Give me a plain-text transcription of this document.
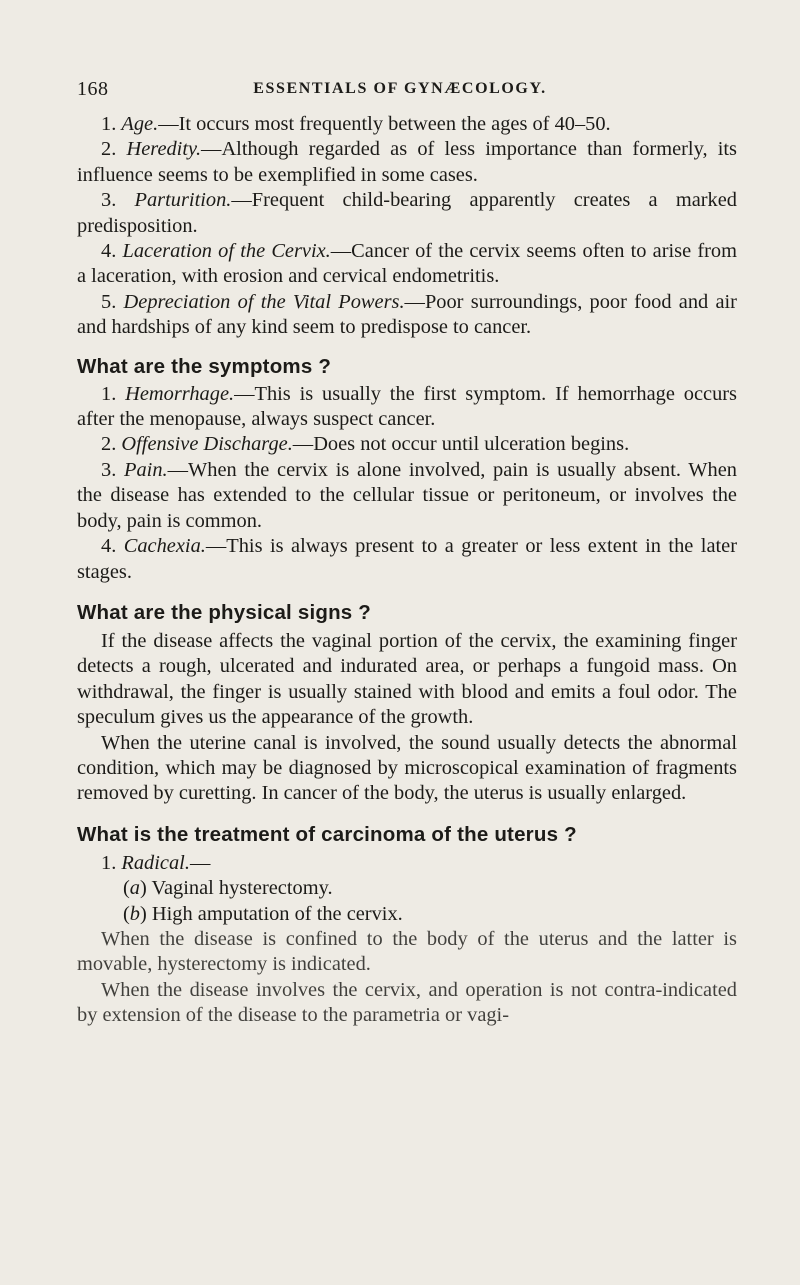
168	ESSENTIALS OF GYNÆCOLOGY.

1. Age.—It occurs most frequently between the ages of 40–50.

2. Heredity.—Although regarded as of less importance than formerly, its influence seems to be exemplified in some cases.

3. Parturition.—Frequent child-bearing apparently creates a marked predisposition.

4. Laceration of the Cervix.—Cancer of the cervix seems often to arise from a laceration, with erosion and cervical endometritis.

5. Depreciation of the Vital Powers.—Poor surroundings, poor food and air and hardships of any kind seem to predispose to cancer.

What are the symptoms ?

1. Hemorrhage.—This is usually the first symptom. If hemorrhage occurs after the menopause, always suspect cancer.

2. Offensive Discharge.—Does not occur until ulceration begins.

3. Pain.—When the cervix is alone involved, pain is usually absent. When the disease has extended to the cellular tissue or peritoneum, or involves the body, pain is common.

4. Cachexia.—This is always present to a greater or less extent in the later stages.

What are the physical signs ?

If the disease affects the vaginal portion of the cervix, the examining finger detects a rough, ulcerated and indurated area, or perhaps a fungoid mass. On withdrawal, the finger is usually stained with blood and emits a foul odor. The speculum gives us the appearance of the growth.

When the uterine canal is involved, the sound usually detects the abnormal condition, which may be diagnosed by microscopical examination of fragments removed by curetting. In cancer of the body, the uterus is usually enlarged.

What is the treatment of carcinoma of the uterus ?

1. Radical.—

(a) Vaginal hysterectomy.

(b) High amputation of the cervix.

When the disease is confined to the body of the uterus and the latter is movable, hysterectomy is indicated.

When the disease involves the cervix, and operation is not contra-indicated by extension of the disease to the parametria or vagi-
